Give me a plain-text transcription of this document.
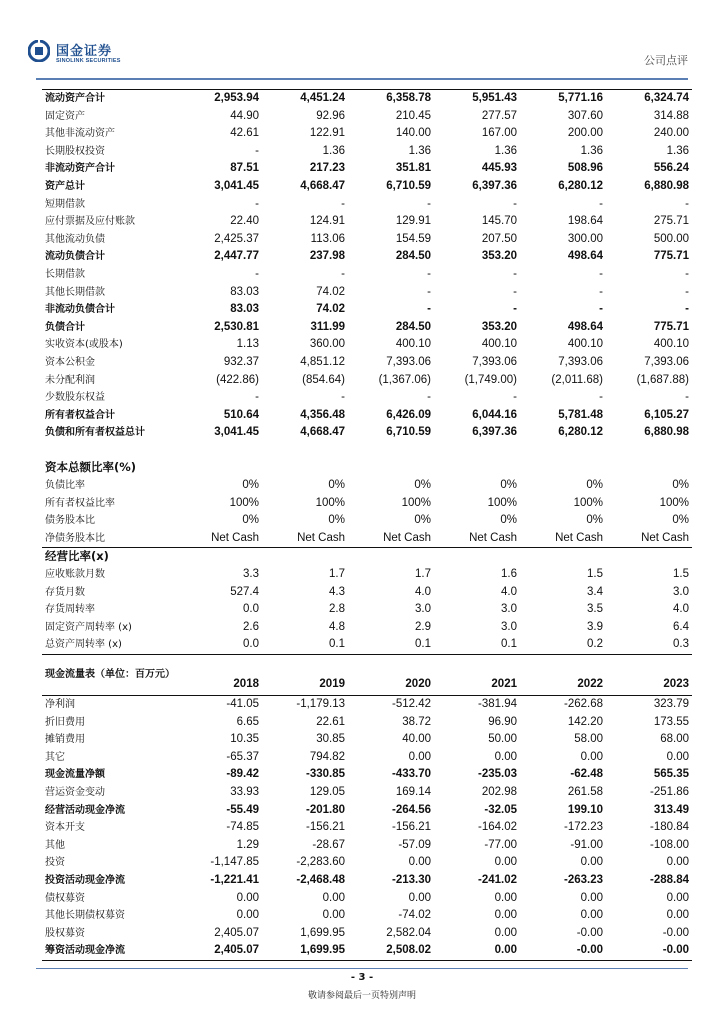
国金证券
SINOLINK SECURITIES	公司点评
流动资产合计	2,953.94	4,451.24	6,358.78	5,951.43	5,771.16	6,324.74
固定资产	44.90	92.96	210.45	277.57	307.60	314.88
其他非流动资产	42.61	122.91	140.00	167.00	200.00	240.00
长期股权投资	-	1.36	1.36	1.36	1.36	1.36
非流动资产合计	87.51	217.23	351.81	445.93	508.96	556.24
资产总计	3,041.45	4,668.47	6,710.59	6,397.36	6,280.12	6,880.98
短期借款	-	-	-	-	-	-
应付票据及应付账款	22.40	124.91	129.91	145.70	198.64	275.71
其他流动负债	2,425.37	113.06	154.59	207.50	300.00	500.00
流动负债合计	2,447.77	237.98	284.50	353.20	498.64	775.71
长期借款	-	-	-	-	-	-
其他长期借款	83.03	74.02	-	-	-	-
非流动负债合计	83.03	74.02	-	-	-	-
负债合计	2,530.81	311.99	284.50	353.20	498.64	775.71
实收资本(或股本)	1.13	360.00	400.10	400.10	400.10	400.10
资本公积金	932.37	4,851.12	7,393.06	7,393.06	7,393.06	7,393.06
未分配利润	(422.86)	(854.64)	(1,367.06)	(1,749.00)	(2,011.68)	(1,687.88)
少数股东权益	-	-	-	-	-	-
所有者权益合计	510.64	4,356.48	6,426.09	6,044.16	5,781.48	6,105.27
负债和所有者权益总计	3,041.45	4,668.47	6,710.59	6,397.36	6,280.12	6,880.98

资本总额比率(%)						
负债比率	0%	0%	0%	0%	0%	0%
所有者权益比率	100%	100%	100%	100%	100%	100%
债务股本比	0%	0%	0%	0%	0%	0%
净债务股本比	Net Cash	Net Cash	Net Cash	Net Cash	Net Cash	Net Cash
经营比率(x)						
应收账款月数	3.3	1.7	1.7	1.6	1.5	1.5
存货月数	527.4	4.3	4.0	4.0	3.4	3.0
存货周转率	0.0	2.8	3.0	3.0	3.5	4.0
固定资产周转率 (x)	2.6	4.8	2.9	3.0	3.9	6.4
总资产周转率 (x)	0.0	0.1	0.1	0.1	0.2	0.3
现金流量表（单位：百万元）	2018	2019	2020	2021	2022	2023
净利润	-41.05	-1,179.13	-512.42	-381.94	-262.68	323.79
折旧费用	6.65	22.61	38.72	96.90	142.20	173.55
摊销费用	10.35	30.85	40.00	50.00	58.00	68.00
其它	-65.37	794.82	0.00	0.00	0.00	0.00
现金流量净额	-89.42	-330.85	-433.70	-235.03	-62.48	565.35
营运资金变动	33.93	129.05	169.14	202.98	261.58	-251.86
经营活动现金净流	-55.49	-201.80	-264.56	-32.05	199.10	313.49
资本开支	-74.85	-156.21	-156.21	-164.02	-172.23	-180.84
其他	1.29	-28.67	-57.09	-77.00	-91.00	-108.00
投资	-1,147.85	-2,283.60	0.00	0.00	0.00	0.00
投资活动现金净流	-1,221.41	-2,468.48	-213.30	-241.02	-263.23	-288.84
债权募资	0.00	0.00	0.00	0.00	0.00	0.00
其他长期债权募资	0.00	0.00	-74.02	0.00	0.00	0.00
股权募资	2,405.07	1,699.95	2,582.04	0.00	-0.00	-0.00
筹资活动现金净流	2,405.07	1,699.95	2,508.02	0.00	-0.00	-0.00
- 3 -
敬请参阅最后一页特别声明
